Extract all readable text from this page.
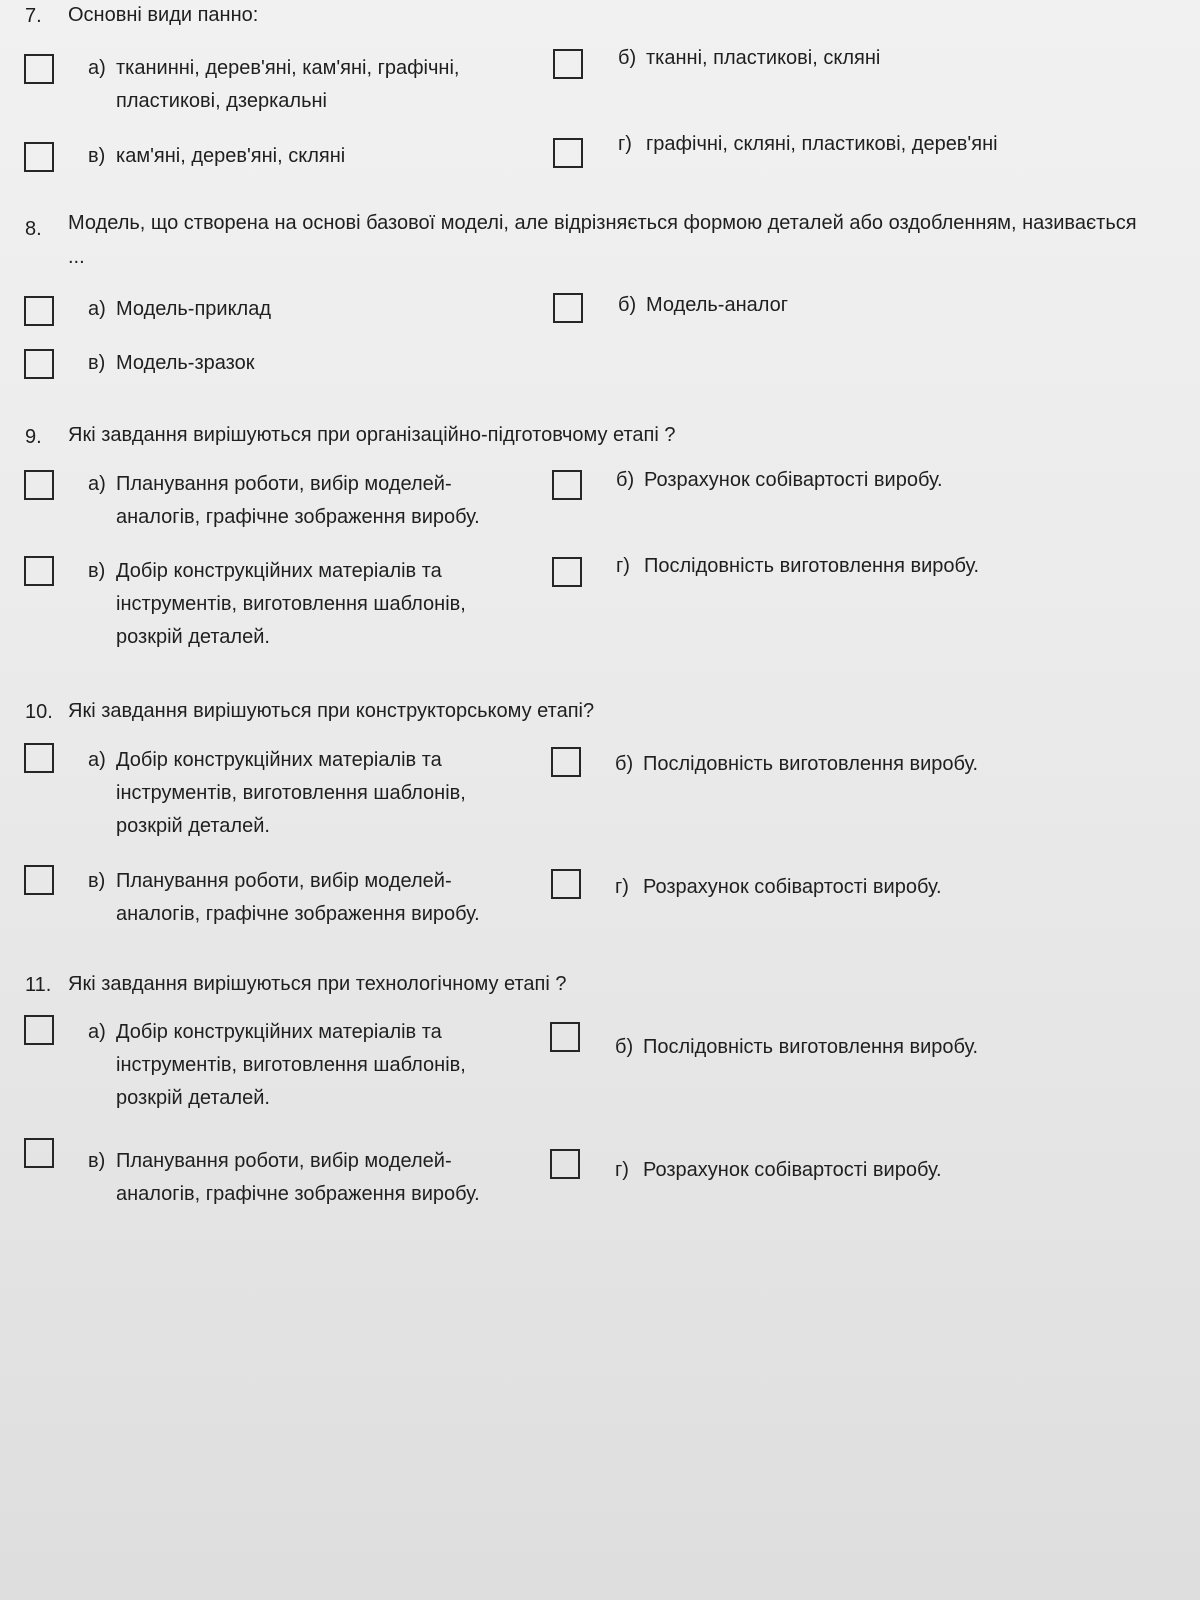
7. Основні види панно:
а) тканинні, дерев'яні, кам'яні, графічні,
пластикові, дзеркальні
б) тканні, пластикові, скляні
в) кам'яні, дерев'яні, скляні
г) графічні, скляні, пластикові, дерев'яні
8. Модель, що створена на основі базової моделі, але відрізняється формою деталей або оздобленням, називається ...
а) Модель-приклад	б) Модель-аналог
в) Модель-зразок
9. Які завдання вирішуються при організаційно-підготовчому етапі ?
а) Планування роботи, вибір моделей-
аналогів, графічне зображення виробу.
б) Розрахунок собівартості виробу.
в) Добір конструкційних матеріалів та
інструментів, виготовлення шаблонів,
розкрій деталей.
г) Послідовність виготовлення виробу.
10. Які завдання вирішуються при конструкторському етапі?
а) Добір конструкційних матеріалів та
інструментів, виготовлення шаблонів,
розкрій деталей.
б) Послідовність виготовлення виробу.
в) Планування роботи, вибір моделей-
аналогів, графічне зображення виробу.
г) Розрахунок собівартості виробу.
11. Які завдання вирішуються при технологічному етапі ?
а) Добір конструкційних матеріалів та
інструментів, виготовлення шаблонів,
розкрій деталей.
б) Послідовність виготовлення виробу.
в) Планування роботи, вибір моделей-
аналогів, графічне зображення виробу.
г) Розрахунок собівартості виробу.
